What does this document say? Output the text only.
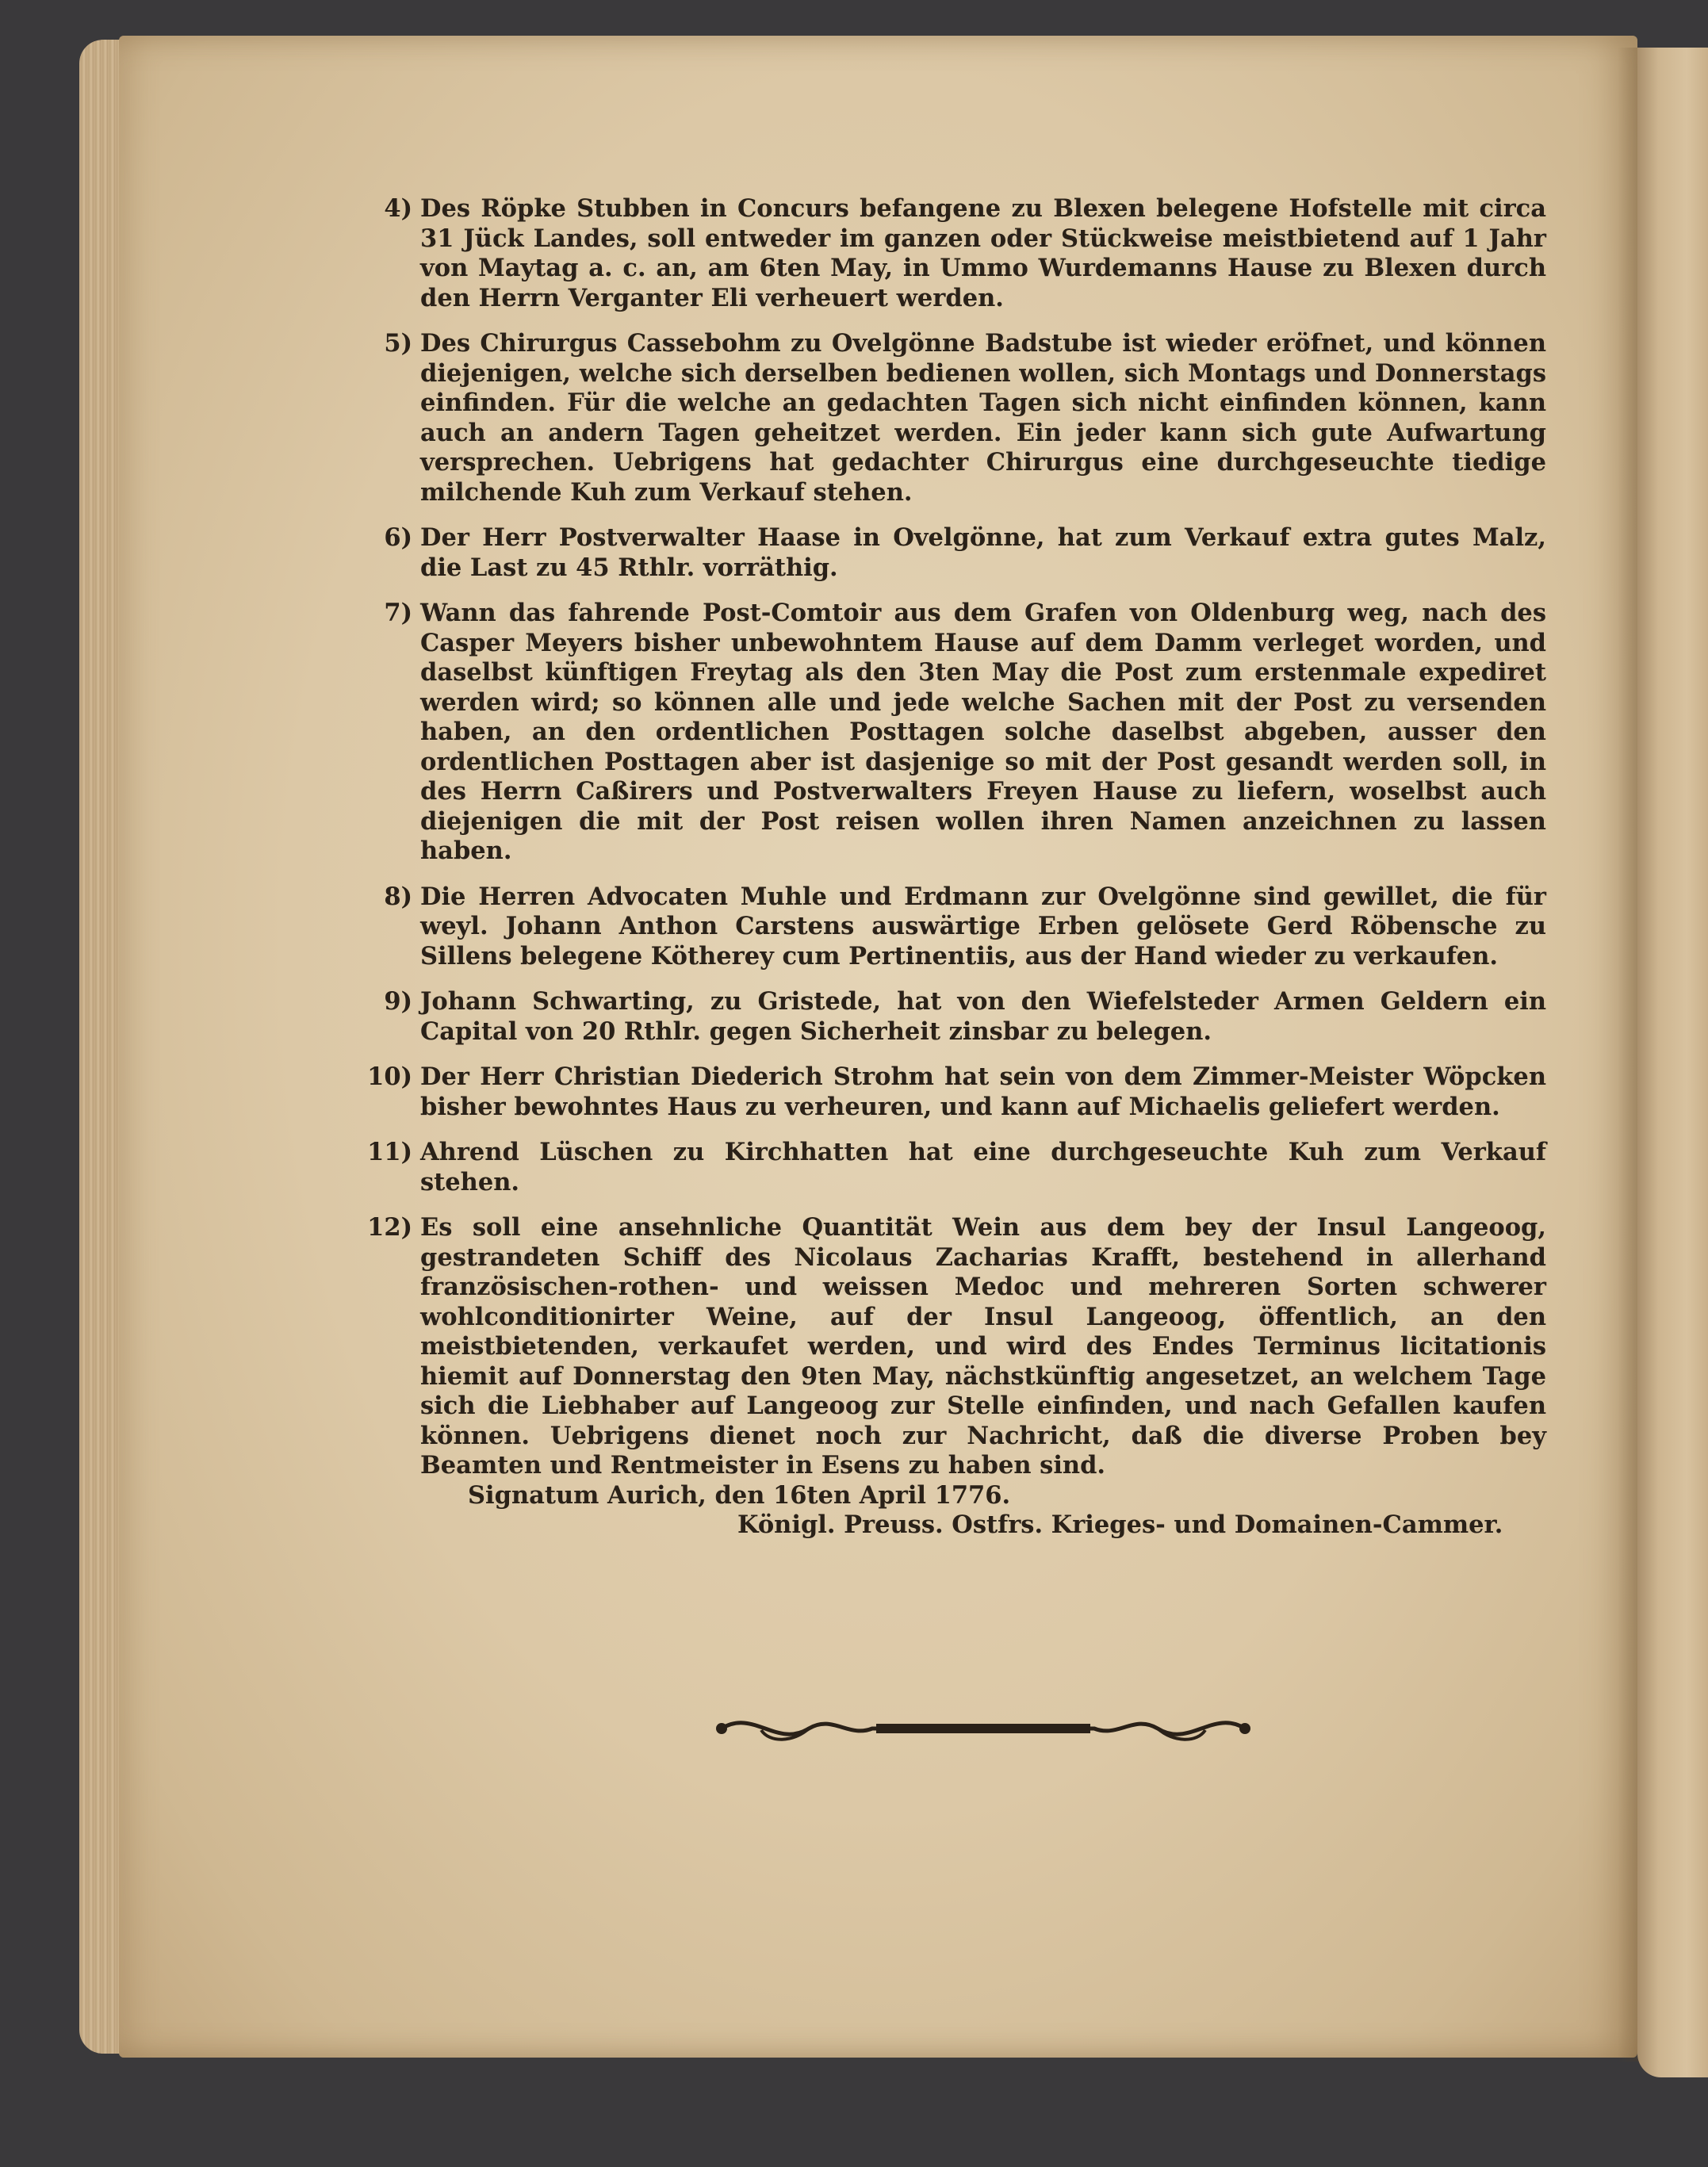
4) Des Röpke Stubben in Concurs befangene zu Blexen belegene Hofstelle mit circa 31 Jück Landes, soll entweder im ganzen oder Stückweise meistbietend auf 1 Jahr von Maytag a. c. an, am 6ten May, in Ummo Wurdemanns Hause zu Blexen durch den Herrn Verganter Eli verheuert werden.
5) Des Chirurgus Cassebohm zu Ovelgönne Badstube ist wieder eröfnet, und können diejenigen, welche sich derselben bedienen wollen, sich Montags und Donnerstags einfinden. Für die welche an gedachten Tagen sich nicht einfinden können, kann auch an andern Tagen geheitzet werden. Ein jeder kann sich gute Aufwartung versprechen. Uebrigens hat gedachter Chirurgus eine durchgeseuchte tiedige milchende Kuh zum Verkauf stehen.
6) Der Herr Postverwalter Haase in Ovelgönne, hat zum Verkauf extra gutes Malz, die Last zu 45 Rthlr. vorräthig.
7) Wann das fahrende Post-Comtoir aus dem Grafen von Oldenburg weg, nach des Casper Meyers bisher unbewohntem Hause auf dem Damm verleget worden, und daselbst künftigen Freytag als den 3ten May die Post zum erstenmale expediret werden wird; so können alle und jede welche Sachen mit der Post zu versenden haben, an den ordentlichen Posttagen solche daselbst abgeben, ausser den ordentlichen Posttagen aber ist dasjenige so mit der Post gesandt werden soll, in des Herrn Caßirers und Postverwalters Freyen Hause zu liefern, woselbst auch diejenigen die mit der Post reisen wollen ihren Namen anzeichnen zu lassen haben.
8) Die Herren Advocaten Muhle und Erdmann zur Ovelgönne sind gewillet, die für weyl. Johann Anthon Carstens auswärtige Erben gelösete Gerd Röbensche zu Sillens belegene Kötherey cum Pertinentiis, aus der Hand wieder zu verkaufen.
9) Johann Schwarting, zu Gristede, hat von den Wiefelsteder Armen Geldern ein Capital von 20 Rthlr. gegen Sicherheit zinsbar zu belegen.
10) Der Herr Christian Diederich Strohm hat sein von dem Zimmer-Meister Wöpcken bisher bewohntes Haus zu verheuren, und kann auf Michaelis geliefert werden.
11) Ahrend Lüschen zu Kirchhatten hat eine durchgeseuchte Kuh zum Verkauf stehen.
12) Es soll eine ansehnliche Quantität Wein aus dem bey der Insul Langeoog, gestrandeten Schiff des Nicolaus Zacharias Krafft, bestehend in allerhand französischen-rothen- und weissen Medoc und mehreren Sorten schwerer wohlconditionirter Weine, auf der Insul Langeoog, öffentlich, an den meistbietenden, verkaufet werden, und wird des Endes Terminus licitationis hiemit auf Donnerstag den 9ten May, nächstkünftig angesetzet, an welchem Tage sich die Liebhaber auf Langeoog zur Stelle einfinden, und nach Gefallen kaufen können. Uebrigens dienet noch zur Nachricht, daß die diverse Proben bey Beamten und Rentmeister in Esens zu haben sind.
Signatum Aurich, den 16ten April 1776.
Königl. Preuss. Ostfrs. Krieges- und Domainen-Cammer.
